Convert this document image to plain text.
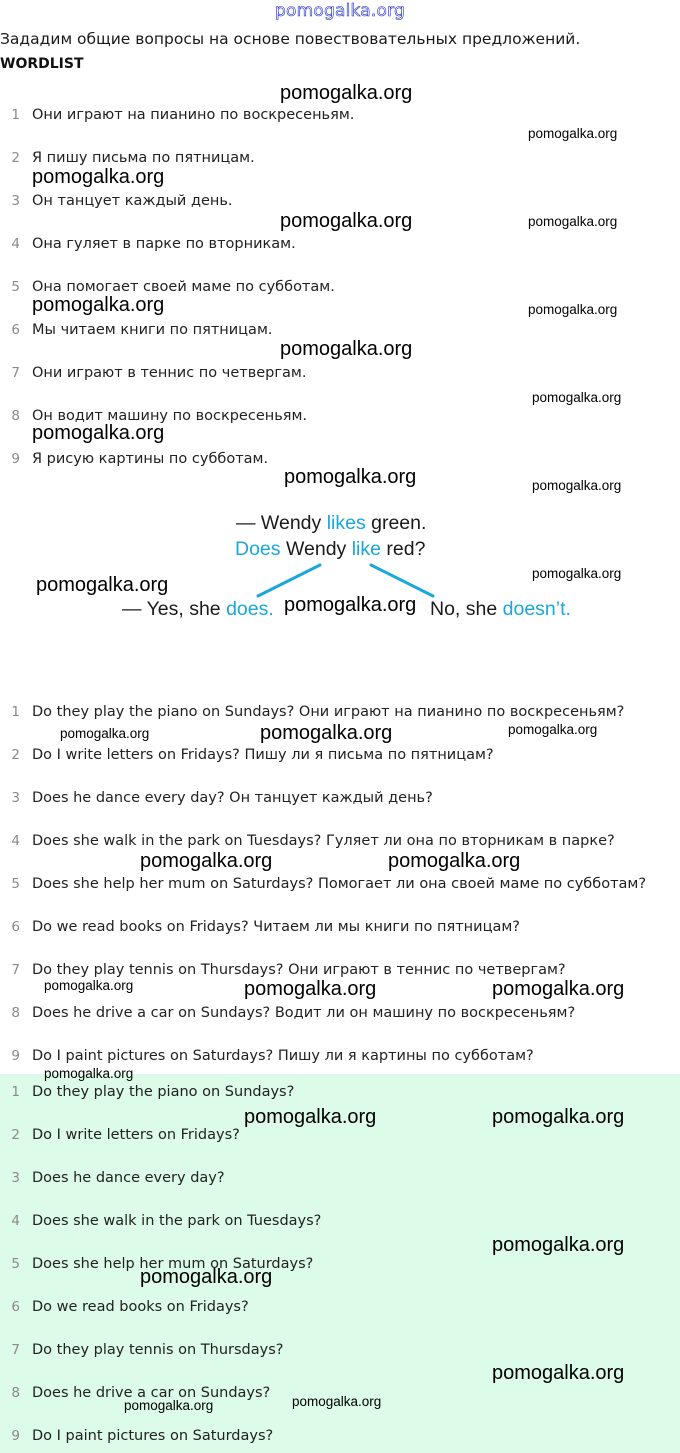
pomogalka.org
Зададим общие вопросы на основе повествовательных предложений.
WORDLIST
1 Они играют на пианино по воскресеньям.
2 Я пишу письма по пятницам.
3 Он танцует каждый день.
4 Она гуляет в парке по вторникам.
5 Она помогает своей маме по субботам.
6 Мы читаем книги по пятницам.
7 Они играют в теннис по четвергам.
8 Он водит машину по воскресеньям.
9 Я рисую картины по субботам.
— Wendy likes green.
Does Wendy like red?
— Yes, she does.	No, she doesn’t.
1 Do they play the piano on Sundays? Они играют на пианино по воскресеньям?
2 Do I write letters on Fridays? Пишу ли я письма по пятницам?
3 Does he dance every day? Он танцует каждый день?
4 Does she walk in the park on Tuesdays? Гуляет ли она по вторникам в парке?
5 Does she help her mum on Saturdays? Помогает ли она своей маме по субботам?
6 Do we read books on Fridays? Читаем ли мы книги по пятницам?
7 Do they play tennis on Thursdays? Они играют в теннис по четвергам?
8 Does he drive a car on Sundays? Водит ли он машину по воскресеньям?
9 Do I paint pictures on Saturdays? Пишу ли я картины по субботам?
1 Do they play the piano on Sundays?
2 Do I write letters on Fridays?
3 Does he dance every day?
4 Does she walk in the park on Tuesdays?
5 Does she help her mum on Saturdays?
6 Do we read books on Fridays?
7 Do they play tennis on Thursdays?
8 Does he drive a car on Sundays?
9 Do I paint pictures on Saturdays?
pomogalka.org
pomogalka.org
pomogalka.org
pomogalka.org	pomogalka.org
pomogalka.org	pomogalka.org
pomogalka.org
pomogalka.org
pomogalka.org
pomogalka.org	pomogalka.org
pomogalka.org
pomogalka.org
pomogalka.org
pomogalka.org	pomogalka.org	pomogalka.org
pomogalka.org	pomogalka.org
pomogalka.org	pomogalka.org	pomogalka.org
pomogalka.org
pomogalka.org	pomogalka.org
pomogalka.org
pomogalka.org
pomogalka.org
pomogalka.org
pomogalka.org
